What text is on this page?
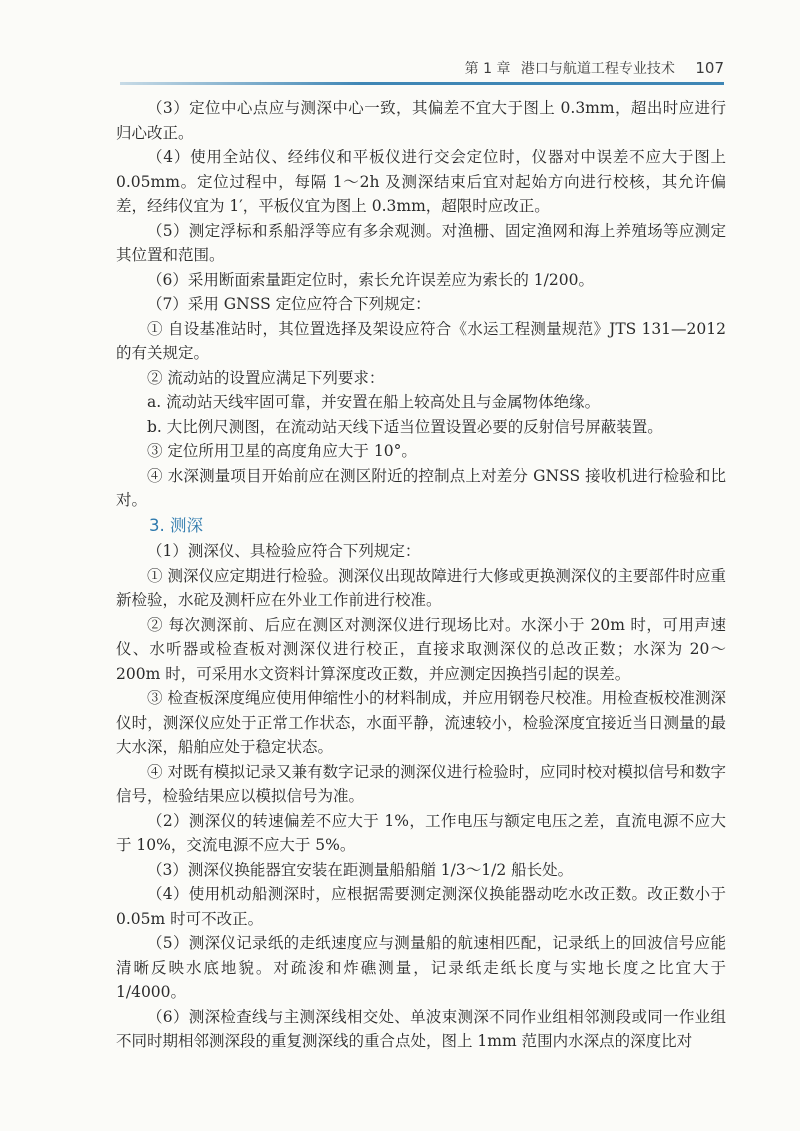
第 1 章 港口与航道工程专业技术 107

（3）定位中心点应与测深中心一致，其偏差不宜大于图上 0.3mm，超出时应进行归心改正。

（4）使用全站仪、经纬仪和平板仪进行交会定位时，仪器对中误差不应大于图上 0.05mm。定位过程中，每隔 1～2h 及测深结束后宜对起始方向进行校核，其允许偏差，经纬仪宜为 1′，平板仪宜为图上 0.3mm，超限时应改正。

（5）测定浮标和系船浮等应有多余观测。对渔栅、固定渔网和海上养殖场等应测定其位置和范围。

（6）采用断面索量距定位时，索长允许误差应为索长的 1/200。

（7）采用 GNSS 定位应符合下列规定：

① 自设基准站时，其位置选择及架设应符合《水运工程测量规范》JTS 131—2012 的有关规定。

② 流动站的设置应满足下列要求：

a. 流动站天线牢固可靠，并安置在船上较高处且与金属物体绝缘。

b. 大比例尺测图，在流动站天线下适当位置设置必要的反射信号屏蔽装置。

③ 定位所用卫星的高度角应大于 10°。

④ 水深测量项目开始前应在测区附近的控制点上对差分 GNSS 接收机进行检验和比对。

3. 测深

（1）测深仪、具检验应符合下列规定：

① 测深仪应定期进行检验。测深仪出现故障进行大修或更换测深仪的主要部件时应重新检验，水砣及测杆应在外业工作前进行校准。

② 每次测深前、后应在测区对测深仪进行现场比对。水深小于 20m 时，可用声速仪、水听器或检查板对测深仪进行校正，直接求取测深仪的总改正数；水深为 20～200m 时，可采用水文资料计算深度改正数，并应测定因换挡引起的误差。

③ 检查板深度绳应使用伸缩性小的材料制成，并应用钢卷尺校准。用检查板校准测深仪时，测深仪应处于正常工作状态，水面平静，流速较小，检验深度宜接近当日测量的最大水深，船舶应处于稳定状态。

④ 对既有模拟记录又兼有数字记录的测深仪进行检验时，应同时校对模拟信号和数字信号，检验结果应以模拟信号为准。

（2）测深仪的转速偏差不应大于 1%，工作电压与额定电压之差，直流电源不应大于 10%，交流电源不应大于 5%。

（3）测深仪换能器宜安装在距测量船船艏 1/3～1/2 船长处。

（4）使用机动船测深时，应根据需要测定测深仪换能器动吃水改正数。改正数小于 0.05m 时可不改正。

（5）测深仪记录纸的走纸速度应与测量船的航速相匹配，记录纸上的回波信号应能清晰反映水底地貌。对疏浚和炸礁测量，记录纸走纸长度与实地长度之比宜大于 1/4000。

（6）测深检查线与主测深线相交处、单波束测深不同作业组相邻测段或同一作业组不同时期相邻测深段的重复测深线的重合点处，图上 1mm 范围内水深点的深度比对
